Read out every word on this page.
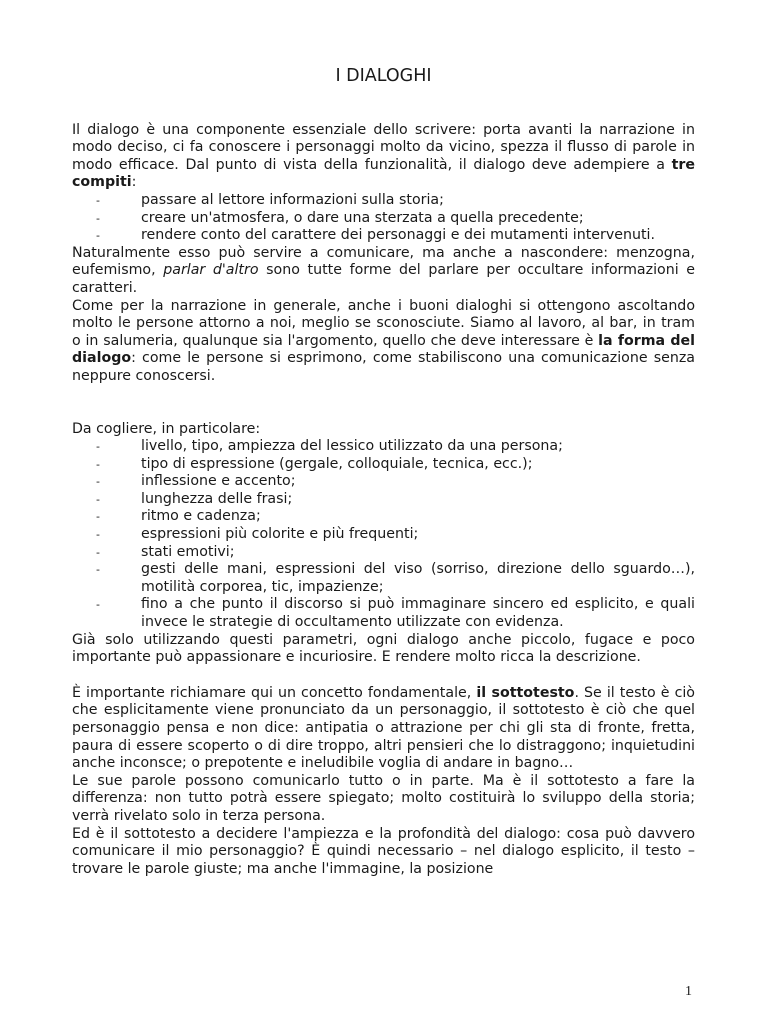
I DIALOGHI

Il dialogo è una componente essenziale dello scrivere: porta avanti la narrazione in modo deciso, ci fa conoscere i personaggi molto da vicino, spezza il flusso di parole in modo efficace. Dal punto di vista della funzionalità, il dialogo deve adempiere a tre compiti:

-	passare al lettore informazioni sulla storia;
-	creare un'atmosfera, o dare una sterzata a quella precedente;
-	rendere conto del carattere dei personaggi e dei mutamenti intervenuti.

Naturalmente esso può servire a comunicare, ma anche a nascondere: menzogna, eufemismo, parlar d'altro sono tutte forme del parlare per occultare informazioni e caratteri.

Come per la narrazione in generale, anche i buoni dialoghi si ottengono ascoltando molto le persone attorno a noi, meglio se sconosciute. Siamo al lavoro, al bar, in tram o in salumeria, qualunque sia l'argomento, quello che deve interessare è la forma del dialogo: come le persone si esprimono, come stabiliscono una comunicazione senza neppure conoscersi.

Da cogliere, in particolare:

-	livello, tipo, ampiezza del lessico utilizzato da una persona;
-	tipo di espressione (gergale, colloquiale, tecnica, ecc.);
-	inflessione e accento;
-	lunghezza delle frasi;
-	ritmo e cadenza;
-	espressioni più colorite e più frequenti;
-	stati emotivi;
-	gesti delle mani, espressioni del viso (sorriso, direzione dello sguardo…), motilità corporea, tic, impazienze;
-	fino a che punto il discorso si può immaginare sincero ed esplicito, e quali invece le strategie di occultamento utilizzate con evidenza.

Già solo utilizzando questi parametri, ogni dialogo anche piccolo, fugace e poco importante può appassionare e incuriosire. E rendere molto ricca la descrizione.

È importante richiamare qui un concetto fondamentale, il sottotesto. Se il testo è ciò che esplicitamente viene pronunciato da un personaggio, il sottotesto è ciò che quel personaggio pensa e non dice: antipatia o attrazione per chi gli sta di fronte, fretta, paura di essere scoperto o di dire troppo, altri pensieri che lo distraggono; inquietudini anche inconsce; o prepotente e ineludibile voglia di andare in bagno…

Le sue parole possono comunicarlo tutto o in parte. Ma è il sottotesto a fare la differenza: non tutto potrà essere spiegato; molto costituirà lo sviluppo della storia; verrà rivelato solo in terza persona.

Ed è il sottotesto a decidere l'ampiezza e la profondità del dialogo: cosa può davvero comunicare il mio personaggio? È quindi necessario – nel dialogo esplicito, il testo – trovare le parole giuste; ma anche l'immagine, la posizione

1
